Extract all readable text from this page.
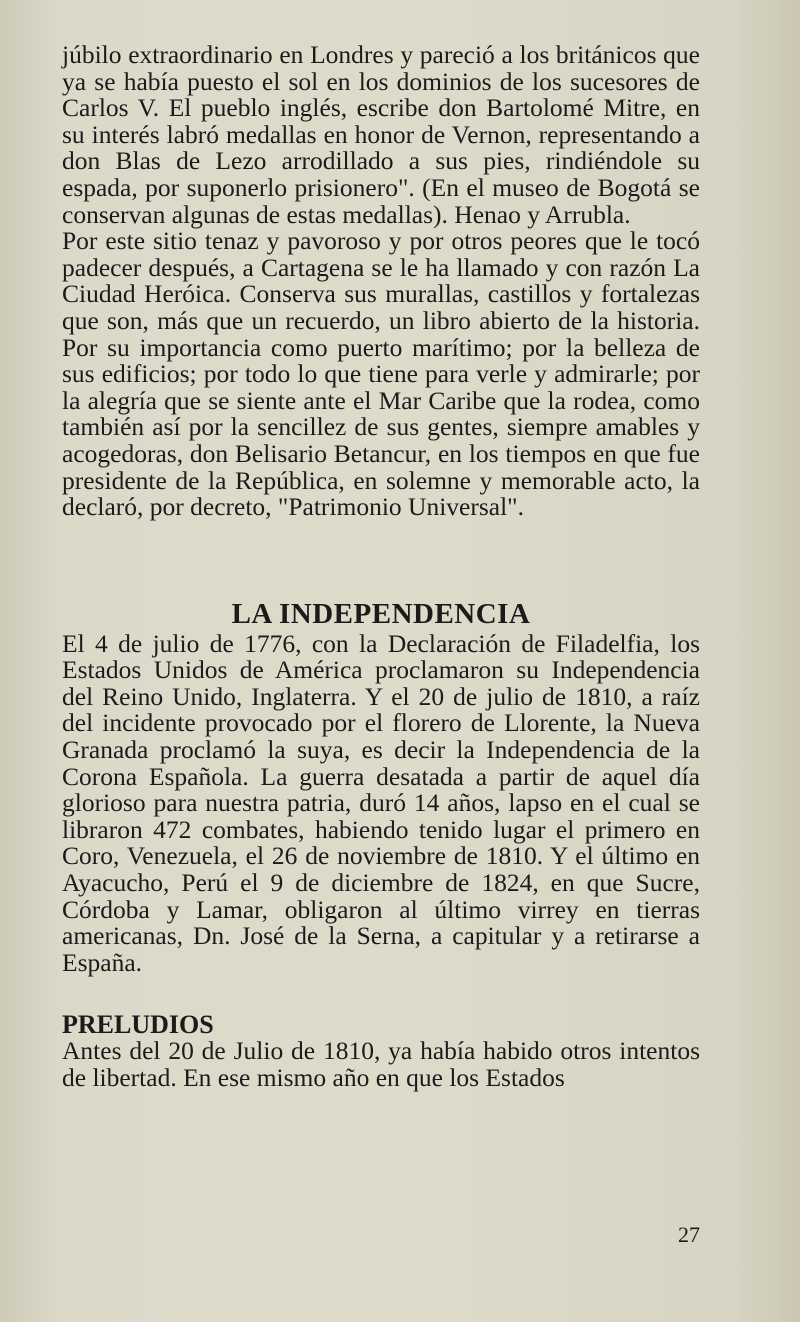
júbilo extraordinario en Londres y pareció a los británicos que ya se había puesto el sol en los dominios de los sucesores de Carlos V. El pueblo inglés, escribe don Bartolomé Mitre, en su interés labró medallas en honor de Vernon, representando a don Blas de Lezo arrodillado a sus pies, rindiéndole su espada, por suponerlo prisionero". (En el museo de Bogotá se conservan algunas de estas medallas). Henao y Arrubla.

Por este sitio tenaz y pavoroso y por otros peores que le tocó padecer después, a Cartagena se le ha llamado y con razón La Ciudad Heróica. Conserva sus murallas, castillos y fortalezas que son, más que un recuerdo, un libro abierto de la historia. Por su importancia como puerto marítimo; por la belleza de sus edificios; por todo lo que tiene para verle y admirarle; por la alegría que se siente ante el Mar Caribe que la rodea, como también así por la sencillez de sus gentes, siempre amables y acogedoras, don Belisario Betancur, en los tiempos en que fue presidente de la República, en solemne y memorable acto, la declaró, por decreto, "Patrimonio Universal".

LA INDEPENDENCIA

El 4 de julio de 1776, con la Declaración de Filadelfia, los Estados Unidos de América proclamaron su Independencia del Reino Unido, Inglaterra. Y el 20 de julio de 1810, a raíz del incidente provocado por el florero de Llorente, la Nueva Granada proclamó la suya, es decir la Independencia de la Corona Española. La guerra desatada a partir de aquel día glorioso para nuestra patria, duró 14 años, lapso en el cual se libraron 472 combates, habiendo tenido lugar el primero en Coro, Venezuela, el 26 de noviembre de 1810. Y el último en Ayacucho, Perú el 9 de diciembre de 1824, en que Sucre, Córdoba y Lamar, obligaron al último virrey en tierras americanas, Dn. José de la Serna, a capitular y a retirarse a España.

PRELUDIOS

Antes del 20 de Julio de 1810, ya había habido otros intentos de libertad. En ese mismo año en que los Estados

27
